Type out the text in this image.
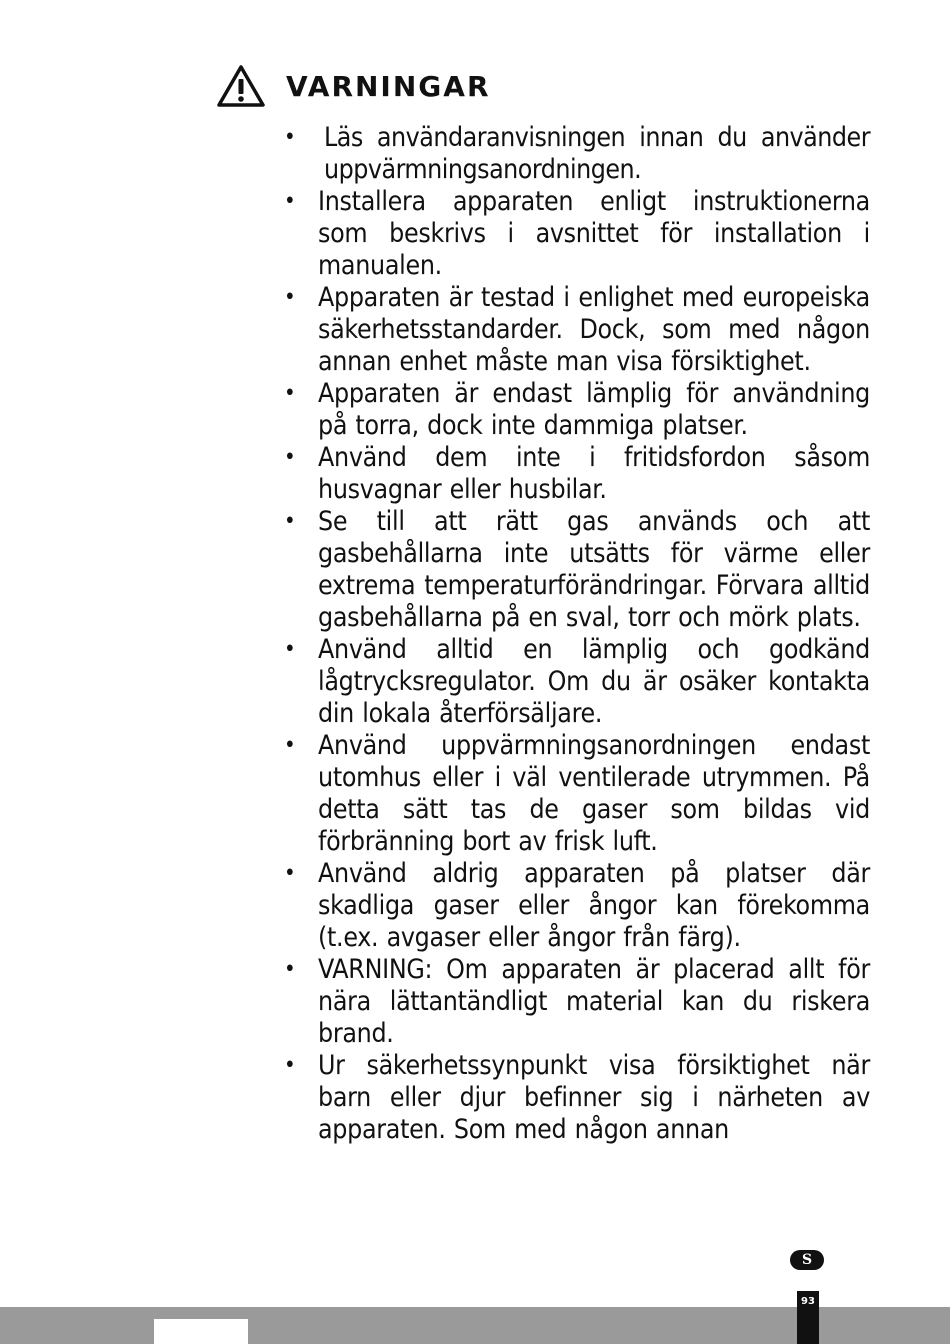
VARNINGAR
• Läs användaranvisningen innan du använder uppvärmningsanordningen.
• Installera apparaten enligt instruktionerna som beskrivs i avsnittet för installation i manualen.
• Apparaten är testad i enlighet med europeiska säkerhetsstandarder. Dock, som med någon annan enhet måste man visa försiktighet.
• Apparaten är endast lämplig för användning på torra, dock inte dammiga platser.
• Använd dem inte i fritidsfordon såsom husvagnar eller husbilar.
• Se till att rätt gas används och att gasbehållarna inte utsätts för värme eller extrema temperaturförändringar. Förvara alltid gasbehållarna på en sval, torr och mörk plats.
• Använd alltid en lämplig och godkänd lågtrycksregulator. Om du är osäker kontakta din lokala återförsäljare.
• Använd uppvärmningsanordningen endast utomhus eller i väl ventilerade utrymmen. På detta sätt tas de gaser som bildas vid förbränning bort av frisk luft.
• Använd aldrig apparaten på platser där skadliga gaser eller ångor kan förekomma (t.ex. avgaser eller ångor från färg).
• VARNING: Om apparaten är placerad allt för nära lättantändligt material kan du riskera brand.
• Ur säkerhetssynpunkt visa försiktighet när barn eller djur befinner sig i närheten av apparaten. Som med någon annan
S
93
